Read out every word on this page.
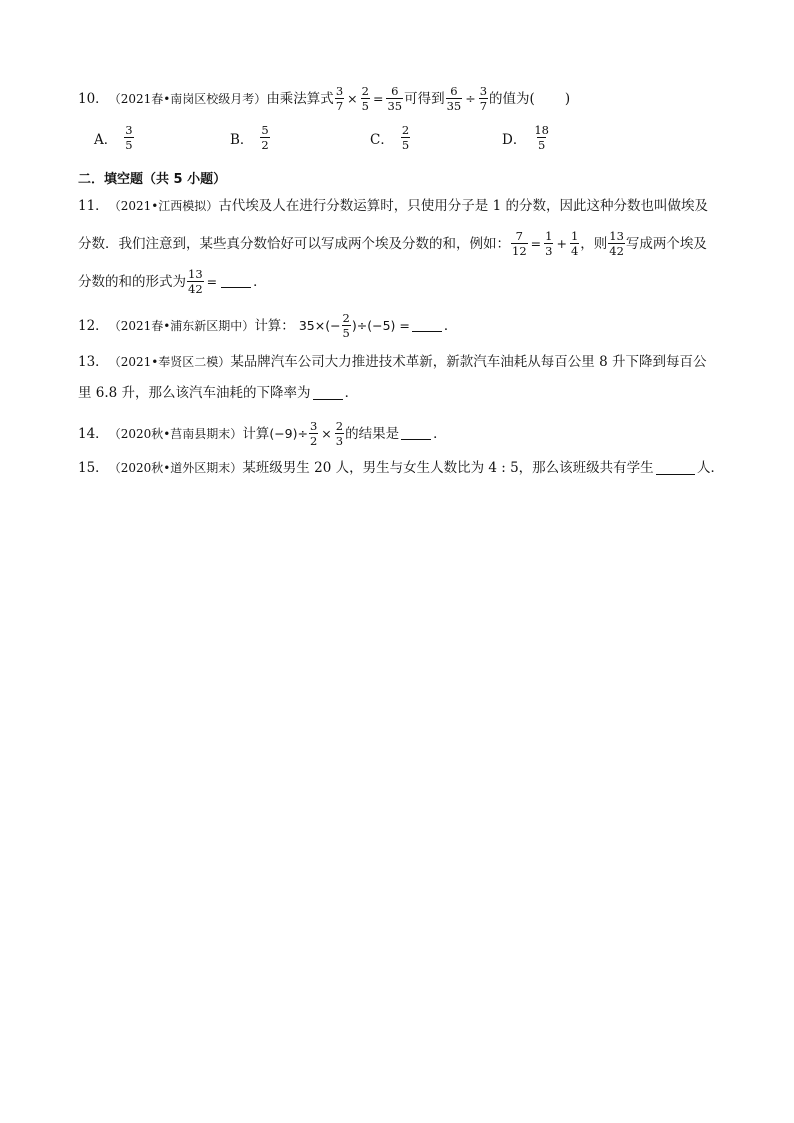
10． （2021春•南岗区校级月考） 由乘法算式 $\frac{3}{7} \times \frac{2}{5} = \frac{6}{35}$ 可得到 $\frac{6}{35} \div \frac{3}{7}$ 的值为 ( )
A． $\frac{3}{5}$	B． $\frac{5}{2}$	C． $\frac{2}{5}$	D． $\frac{18}{5}$
二．填空题（共 5 小题）
11． （2021•江西模拟） 古代埃及人在进行分数运算时，只使用分子是 1 的分数，因此这种分数也叫做埃及
分数．我们注意到，某些真分数恰好可以写成两个埃及分数的和，例如： $\frac{7}{12} = \frac{1}{3} + \frac{1}{4}$ ，则 $\frac{13}{42}$ 写成两个埃及
分数的和的形式为 $\frac{13}{42}$ =	．
12． （2021春•浦东新区期中） 计算： $35\times(- \frac{2}{5} )\div(-5)$ =	．
13． （2021•奉贤区二模） 某品牌汽车公司大力推进技术革新，新款汽车油耗从每百公里 8 升下降到每百公
里 6.8 升，那么该汽车油耗的下降率为	．
14． （2020秋•莒南县期末） 计算 $(-9)\div \frac{3}{2} \times \frac{2}{3}$ 的结果是	．
15． （2020秋•道外区期末） 某班级男生 20 人，男生与女生人数比为 4 : 5，那么该班级共有学生	人．
